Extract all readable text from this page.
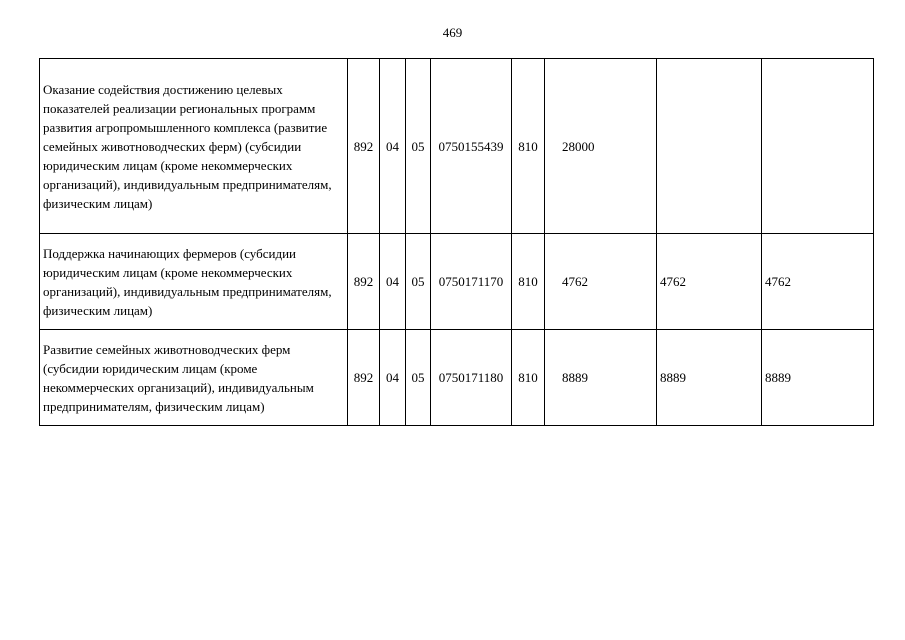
469
Оказание содействия достижению целевых показателей реализации региональных программ развития агропромышленного комплекса (развитие семейных животноводческих ферм) (субсидии юридическим лицам (кроме некоммерческих организаций), индивидуальным предпринимателям, физическим лицам)	892	04	05	0750155439	810	28000		
Поддержка начинающих фермеров (субсидии юридическим лицам (кроме некоммерческих организаций), индивидуальным предпринимателям, физическим лицам)	892	04	05	0750171170	810	4762	4762	4762
Развитие семейных животноводческих ферм (субсидии юридическим лицам (кроме некоммерческих организаций), индивидуальным предпринимателям, физическим лицам)	892	04	05	0750171180	810	8889	8889	8889
